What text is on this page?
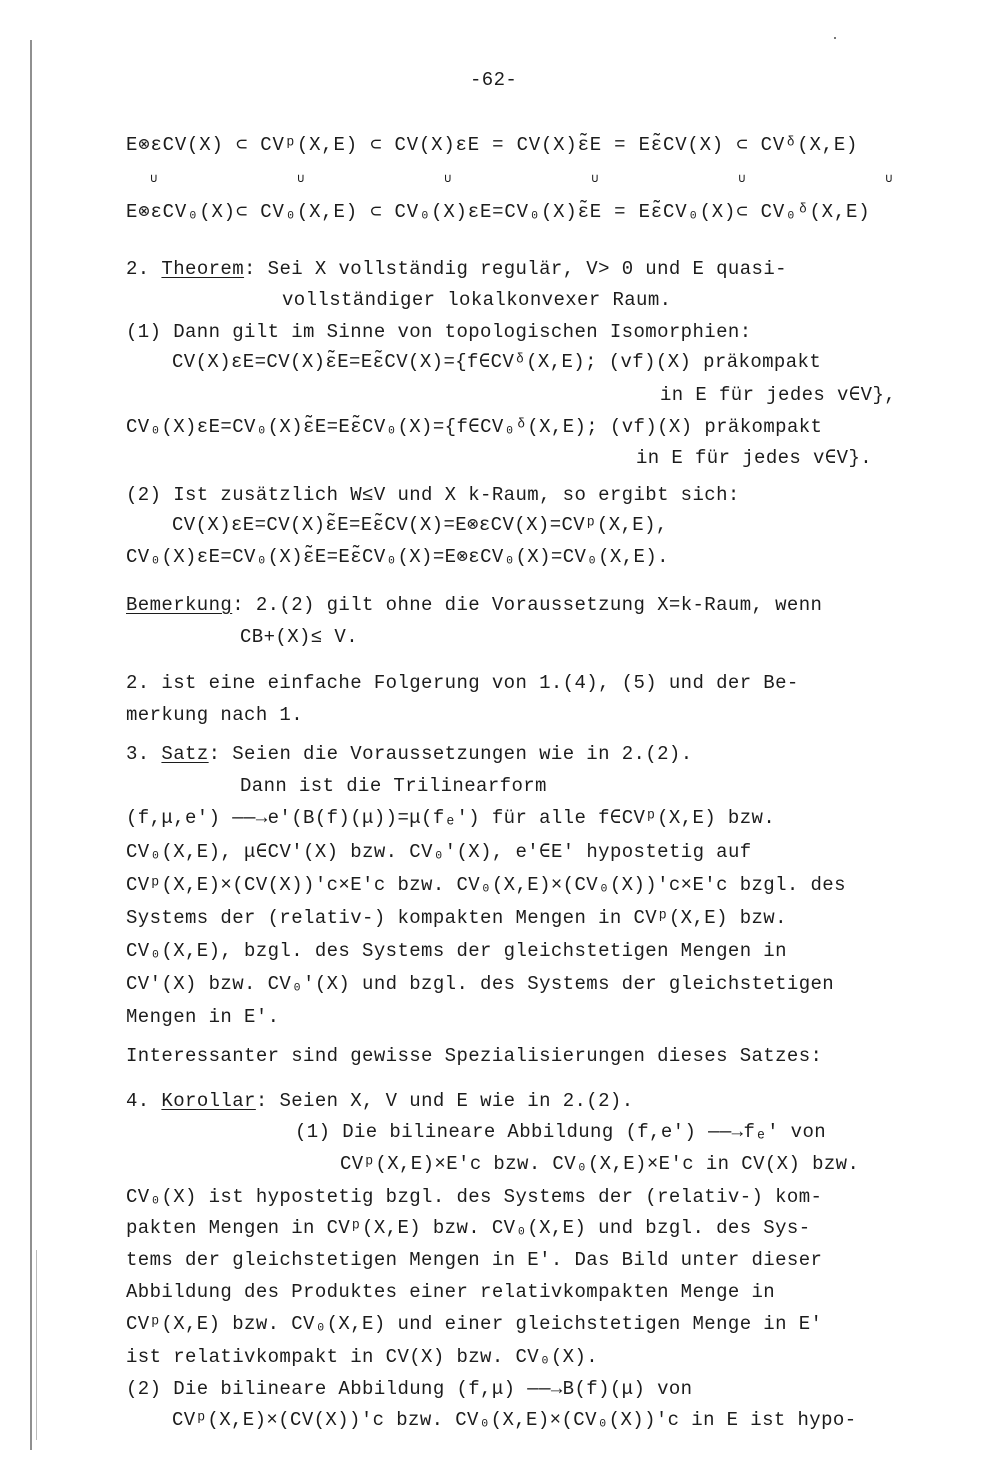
-62-
E⊗εCV(X) ⊂ CVᵖ(X,E) ⊂ CV(X)εE = CV(X)ε̃E = Eε̃CV(X) ⊂ CVᵟ(X,E)
∪ ∪ ∪ ∪ ∪ ∪
E⊗εCV₀(X)⊂ CV₀(X,E) ⊂ CV₀(X)εE=CV₀(X)ε̃E = Eε̃CV₀(X)⊂ CV₀ᵟ(X,E)
2. Theorem: Sei X vollständig regulär, V> 0 und E quasi-
vollständiger lokalkonvexer Raum.
(1) Dann gilt im Sinne von topologischen Isomorphien:
CV(X)εE=CV(X)ε̃E=Eε̃CV(X)={f∈CVᵟ(X,E); (vf)(X) präkompakt
in E für jedes v∈V},
CV₀(X)εE=CV₀(X)ε̃E=Eε̃CV₀(X)={f∈CV₀ᵟ(X,E); (vf)(X) präkompakt
in E für jedes v∈V}.
(2) Ist zusätzlich W≤V und X k-Raum, so ergibt sich:
CV(X)εE=CV(X)ε̃E=Eε̃CV(X)=E⊗εCV(X)=CVᵖ(X,E),
CV₀(X)εE=CV₀(X)ε̃E=Eε̃CV₀(X)=E⊗εCV₀(X)=CV₀(X,E).
Bemerkung: 2.(2) gilt ohne die Voraussetzung X=k-Raum, wenn
CB+(X)≤ V.
2. ist eine einfache Folgerung von 1.(4), (5) und der Be-
merkung nach 1.
3. Satz: Seien die Voraussetzungen wie in 2.(2).
Dann ist die Trilinearform
(f,μ,e') ——→e'(B(f)(μ))=μ(fₑ') für alle f∈CVᵖ(X,E) bzw.
CV₀(X,E), μ∈CV'(X) bzw. CV₀'(X), e'∈E' hypostetig auf
CVᵖ(X,E)×(CV(X))'c×E'c bzw. CV₀(X,E)×(CV₀(X))'c×E'c bzgl. des
Systems der (relativ-) kompakten Mengen in CVᵖ(X,E) bzw.
CV₀(X,E), bzgl. des Systems der gleichstetigen Mengen in
CV'(X) bzw. CV₀'(X) und bzgl. des Systems der gleichstetigen
Mengen in E'.
Interessanter sind gewisse Spezialisierungen dieses Satzes:
4. Korollar: Seien X, V und E wie in 2.(2).
(1) Die bilineare Abbildung (f,e') ——→fₑ' von
CVᵖ(X,E)×E'c bzw. CV₀(X,E)×E'c in CV(X) bzw.
CV₀(X) ist hypostetig bzgl. des Systems der (relativ-) kom-
pakten Mengen in CVᵖ(X,E) bzw. CV₀(X,E) und bzgl. des Sys-
tems der gleichstetigen Mengen in E'. Das Bild unter dieser
Abbildung des Produktes einer relativkompakten Menge in
CVᵖ(X,E) bzw. CV₀(X,E) und einer gleichstetigen Menge in E'
ist relativkompakt in CV(X) bzw. CV₀(X).
(2) Die bilineare Abbildung (f,μ) ——→B(f)(μ) von
CVᵖ(X,E)×(CV(X))'c bzw. CV₀(X,E)×(CV₀(X))'c in E ist hypo-
